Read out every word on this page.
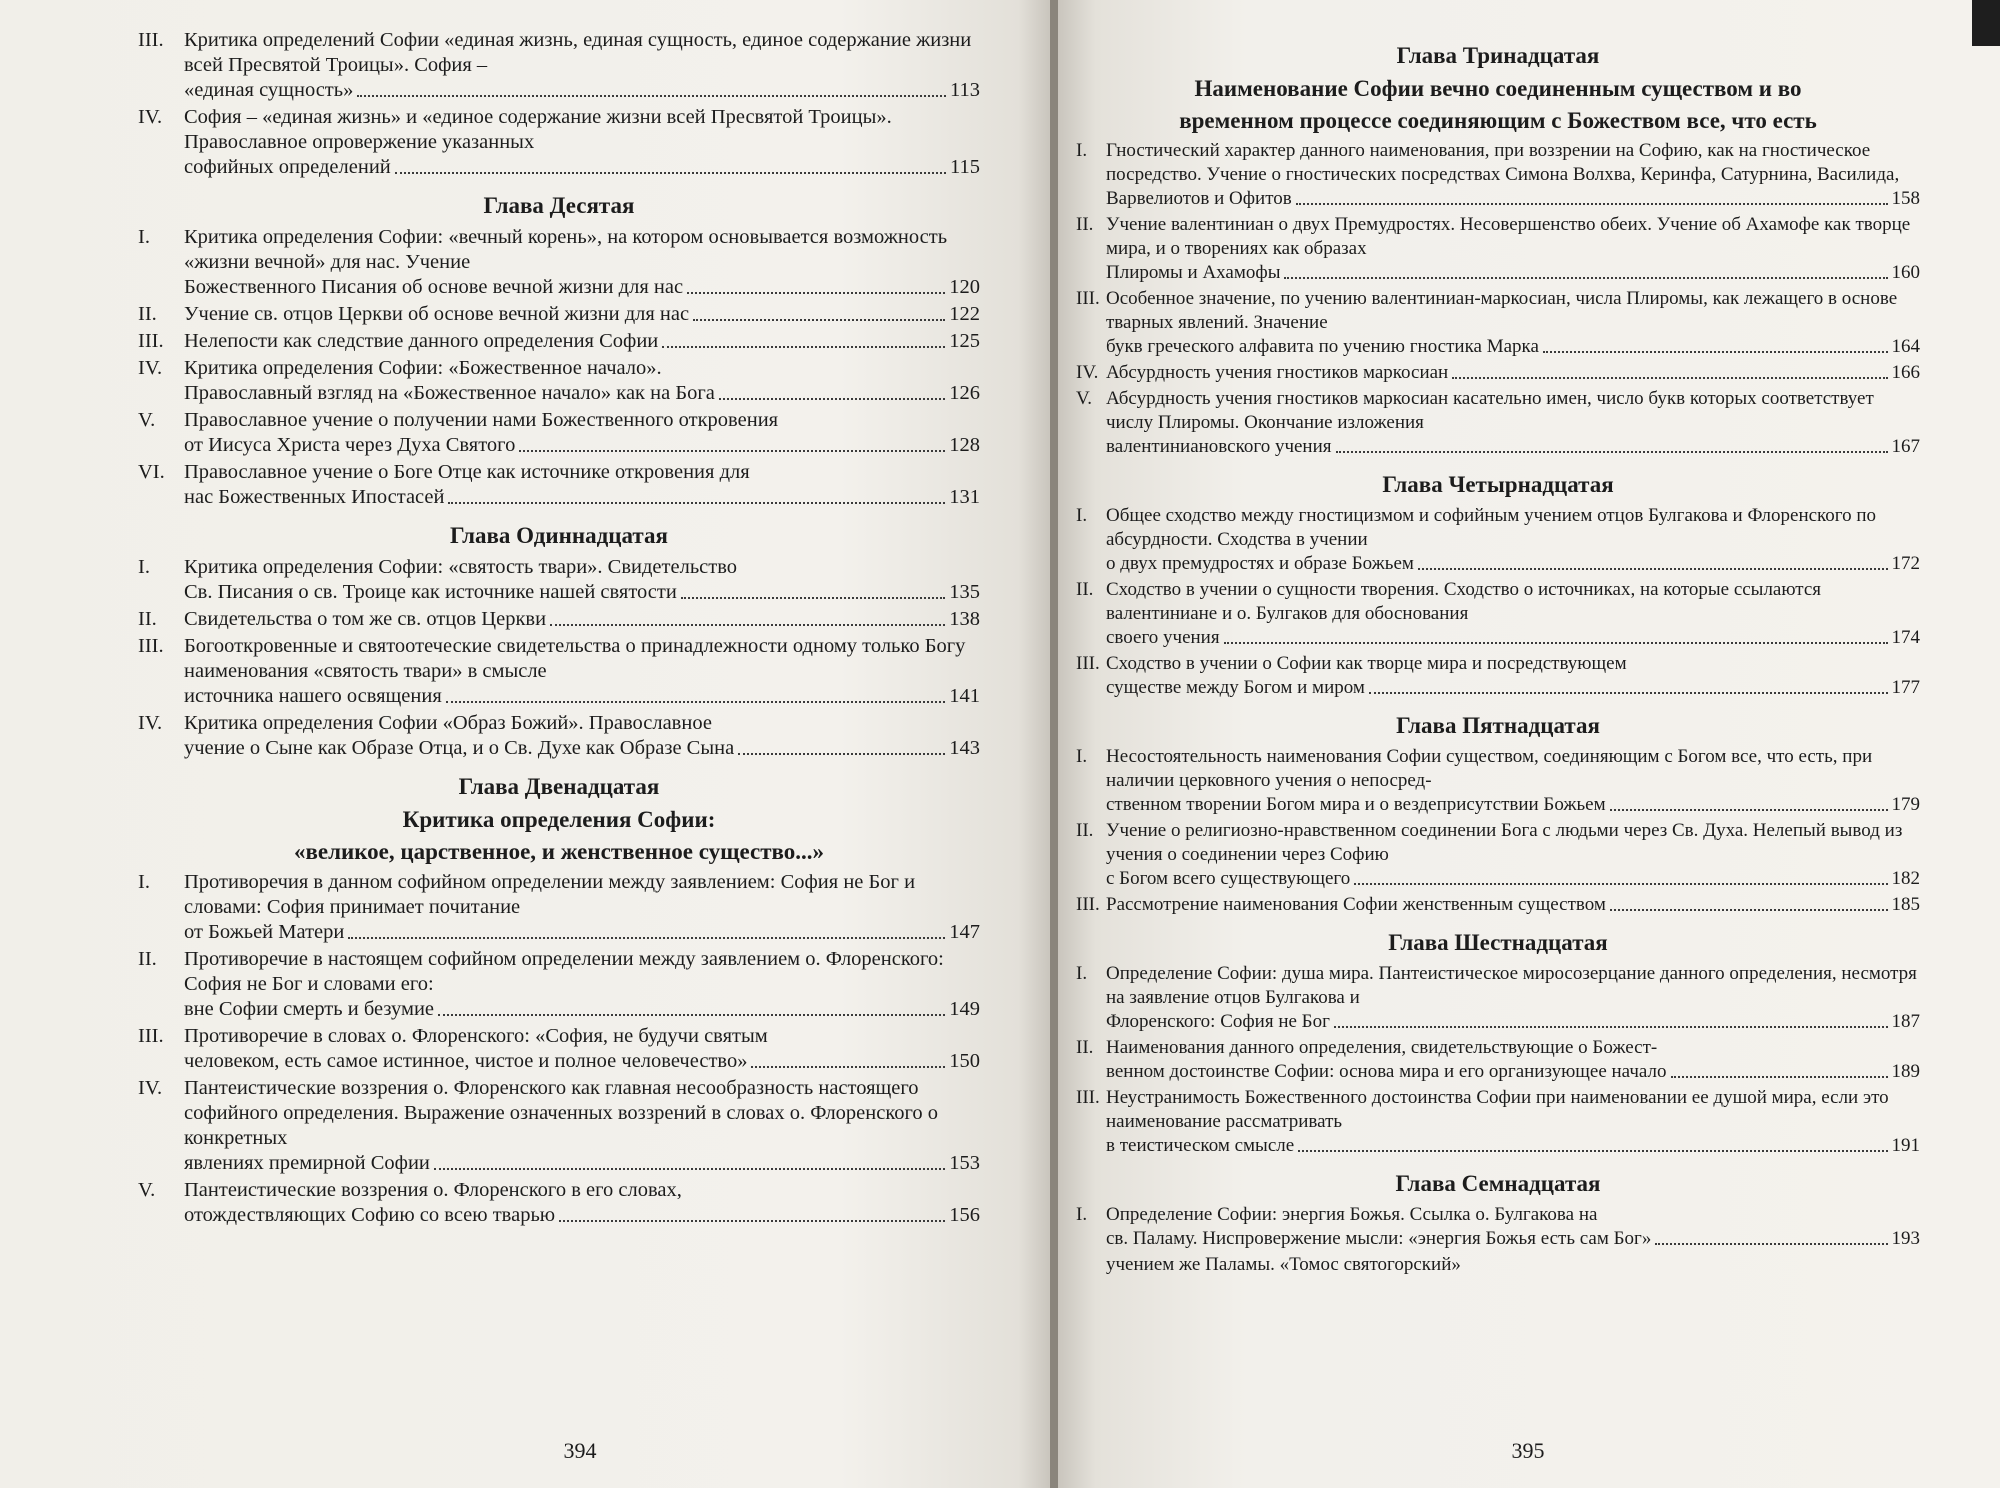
III. Критика определений Софии «единая жизнь, единая сущность, единое содержание жизни всей Пресвятой Троицы». София –
«единая сущность»	113
IV.	София – «единая жизнь» и «единое содержание жизни всей Пресвятой Троицы». Православное опровержение указанных
софийных определений	115
Глава Десятая
I.	Критика определения Софии: «вечный корень», на котором основывается возможность «жизни вечной» для нас. Учение
Божественного Писания об основе вечной жизни для нас	120
II.	Учение св. отцов Церкви об основе вечной жизни для нас	122
III. Нелепости как следствие данного определения Софии	125
IV.	Критика определения Софии: «Божественное начало».
Православный взгляд на «Божественное начало» как на Бога	126
V.	Православное учение о получении нами Божественного откровения
от Иисуса Христа через Духа Святого	128
VI. Православное учение о Боге Отце как источнике откровения для
нас Божественных Ипостасей	131
Глава Одиннадцатая
I.	Критика определения Софии: «святость твари». Свидетельство
Св. Писания о св. Троице как источнике нашей святости	135
II.	Свидетельства о том же св. отцов Церкви	138
III. Богооткровенные и святоотеческие свидетельства о принадлежности одному только Богу наименования «святость твари» в смысле
источника нашего освящения	141
IV.	Критика определения Софии «Образ Божий». Православное
учение о Сыне как Образе Отца, и о Св. Духе как Образе Сына	143
Глава Двенадцатая
Критика определения Софии:
«великое, царственное, и женственное существо...»
I.	Противоречия в данном софийном определении между заявлением: София не Бог и словами: София принимает почитание
от Божьей Матери	147
II.	Противоречие в настоящем софийном определении между заявлением о. Флоренского: София не Бог и словами его:
вне Софии смерть и безумие	149
III. Противоречие в словах о. Флоренского: «София, не будучи святым
человеком, есть самое истинное, чистое и полное человечество»	150
IV.	Пантеистические воззрения о. Флоренского как главная несообразность настоящего софийного определения. Выражение означенных воззрений в словах о. Флоренского о конкретных
явлениях премирной Софии	153
V.	Пантеистические воззрения о. Флоренского в его словах,
отождествляющих Софию со всею тварью	156
394
Глава Тринадцатая
Наименование Софии вечно соединенным существом и во
временном процессе соединяющим с Божеством все, что есть
I. Гностический характер данного наименования, при воззрении на Софию, как на гностическое посредство. Учение о гностических посредствах Симона Волхва, Керинфа, Сатурнина, Василида,
Варвелиотов и Офитов	158
II. Учение валентиниан о двух Премудростях. Несовершенство обеих. Учение об Ахамофе как творце мира, и о творениях как образах
Плиромы и Ахамофы	160
III. Особенное значение, по учению валентиниан-маркосиан, числа Плиромы, как лежащего в основе тварных явлений. Значение
букв греческого алфавита по учению гностика Марка	164
IV. Абсурдность учения гностиков маркосиан	166
V. Абсурдность учения гностиков маркосиан касательно имен, число букв которых соответствует числу Плиромы. Окончание изложения
валентиниановского учения	167
Глава Четырнадцатая
I. Общее сходство между гностицизмом и софийным учением отцов Булгакова и Флоренского по абсурдности. Сходства в учении
о двух премудростях и образе Божьем	172
II. Сходство в учении о сущности творения. Сходство о источниках, на которые ссылаются валентиниане и о. Булгаков для обоснования
своего учения	174
III. Сходство в учении о Софии как творце мира и посредствующем
существе между Богом и миром	177
Глава Пятнадцатая
I. Несостоятельность наименования Софии существом, соединяющим с Богом все, что есть, при наличии церковного учения о непосред-
ственном творении Богом мира и о вездеприсутствии Божьем	179
II. Учение о религиозно-нравственном соединении Бога с людьми через Св. Духа. Нелепый вывод из учения о соединении через Софию
с Богом всего существующего	182
III. Рассмотрение наименования Софии женственным существом	185
Глава Шестнадцатая
I. Определение Софии: душа мира. Пантеистическое миросозерцание данного определения, несмотря на заявление отцов Булгакова и
Флоренского: София не Бог	187
II. Наименования данного определения, свидетельствующие о Божест-
венном достоинстве Софии: основа мира и его организующее начало	189
III. Неустранимость Божественного достоинства Софии при наименовании ее душой мира, если это наименование рассматривать
в теистическом смысле	191
Глава Семнадцатая
I. Определение Софии: энергия Божья. Ссылка о. Булгакова на
св. Паламу. Ниспровержение мысли: «энергия Божья есть сам Бог»	193
учением же Паламы. «Томос святогорский»
395
